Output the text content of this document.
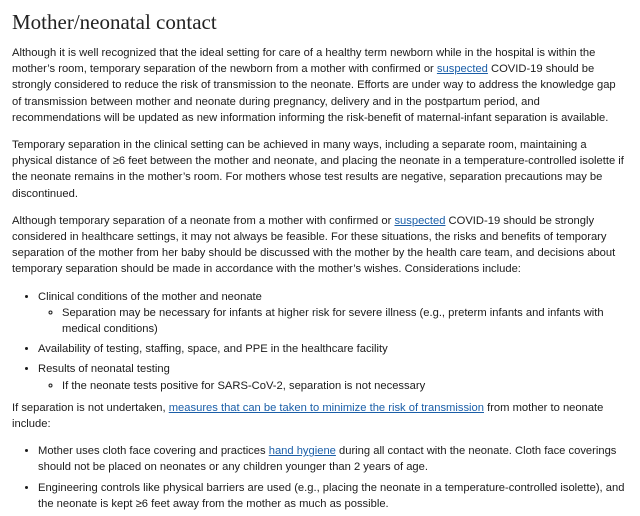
Mother/neonatal contact

Although it is well recognized that the ideal setting for care of a healthy term newborn while in the hospital is within the mother’s room, temporary separation of the newborn from a mother with confirmed or suspected COVID-19 should be strongly considered to reduce the risk of transmission to the neonate. Efforts are under way to address the knowledge gap of transmission between mother and neonate during pregnancy, delivery and in the postpartum period, and recommendations will be updated as new information informing the risk-benefit of maternal-infant separation is available.

Temporary separation in the clinical setting can be achieved in many ways, including a separate room, maintaining a physical distance of ≥6 feet between the mother and neonate, and placing the neonate in a temperature-controlled isolette if the neonate remains in the mother’s room. For mothers whose test results are negative, separation precautions may be discontinued.

Although temporary separation of a neonate from a mother with confirmed or suspected COVID-19 should be strongly considered in healthcare settings, it may not always be feasible. For these situations, the risks and benefits of temporary separation of the mother from her baby should be discussed with the mother by the health care team, and decisions about temporary separation should be made in accordance with the mother’s wishes. Considerations include:

• Clinical conditions of the mother and neonate
◦ Separation may be necessary for infants at higher risk for severe illness (e.g., preterm infants and infants with medical conditions)
• Availability of testing, staffing, space, and PPE in the healthcare facility
• Results of neonatal testing
◦ If the neonate tests positive for SARS-CoV-2, separation is not necessary

If separation is not undertaken, measures that can be taken to minimize the risk of transmission from mother to neonate include:

• Mother uses cloth face covering and practices hand hygiene during all contact with the neonate. Cloth face coverings should not be placed on neonates or any children younger than 2 years of age.
• Engineering controls like physical barriers are used (e.g., placing the neonate in a temperature-controlled isolette), and the neonate is kept ≥6 feet away from the mother as much as possible.
